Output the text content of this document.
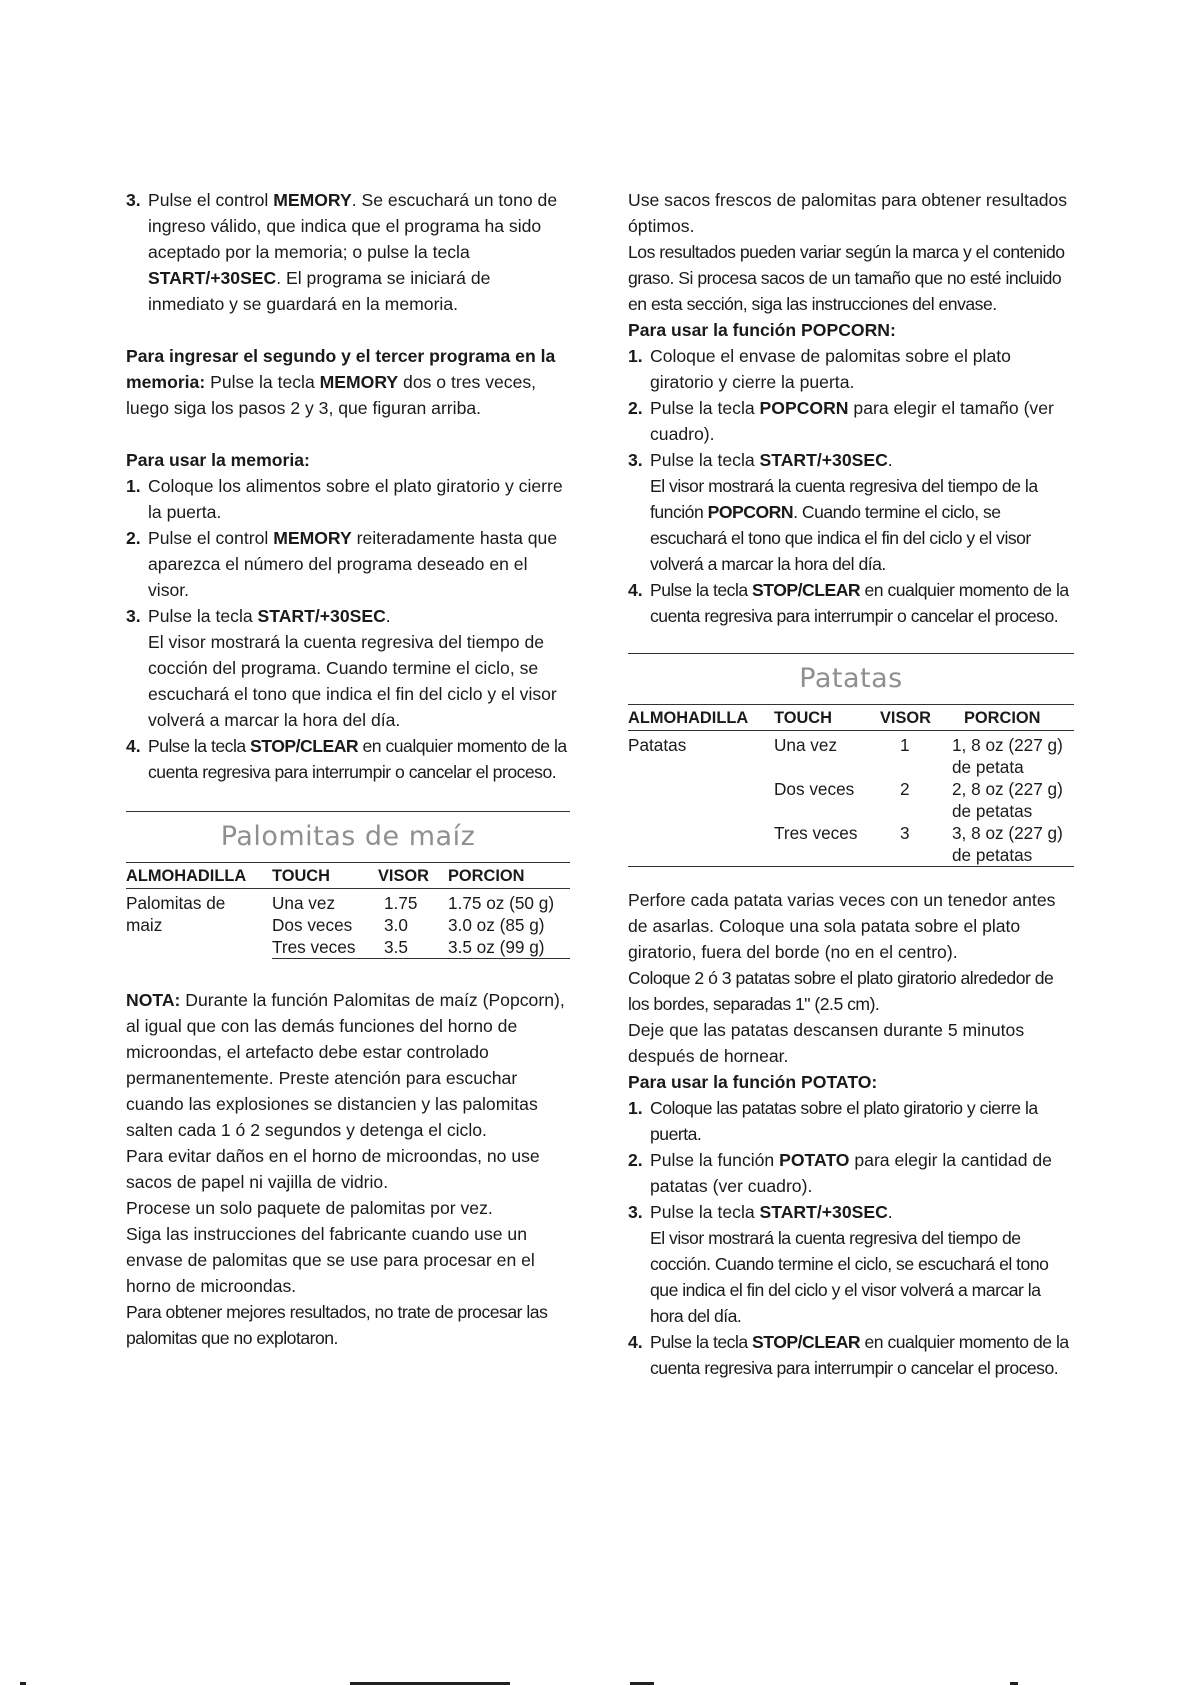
3. Pulse el control MEMORY. Se escuchará un tono de ingreso válido, que indica que el programa ha sido aceptado por la memoria; o pulse la tecla START/+30SEC. El programa se iniciará de inmediato y se guardará en la memoria.

Para ingresar el segundo y el tercer programa en la memoria: Pulse la tecla MEMORY dos o tres veces, luego siga los pasos 2 y 3, que figuran arriba.

Para usar la memoria:

1. Coloque los alimentos sobre el plato giratorio y cierre la puerta.
2. Pulse el control MEMORY reiteradamente hasta que aparezca el número del programa deseado en el visor.
3. Pulse la tecla START/+30SEC.
El visor mostrará la cuenta regresiva del tiempo de cocción del programa. Cuando termine el ciclo, se escuchará el tono que indica el fin del ciclo y el visor volverá a marcar la hora del día.
4. Pulse la tecla STOP/CLEAR en cualquier momento de la cuenta regresiva para interrumpir o cancelar el proceso.
Palomitas de maíz
ALMOHADILLA	TOUCH	VISOR	PORCION
Palomitas de	Una vez	1.75	1.75 oz (50 g)
maiz	Dos veces	3.0	3.0 oz (85 g)
	Tres veces	3.5	3.5 oz (99 g)

NOTA: Durante la función Palomitas de maíz (Popcorn), al igual que con las demás funciones del horno de microondas, el artefacto debe estar controlado permanentemente. Preste atención para escuchar cuando las explosiones se distancien y las palomitas salten cada 1 ó 2 segundos y detenga el ciclo.

Para evitar daños en el horno de microondas, no use sacos de papel ni vajilla de vidrio.

Procese un solo paquete de palomitas por vez.

Siga las instrucciones del fabricante cuando use un envase de palomitas que se use para procesar en el horno de microondas.

Para obtener mejores resultados, no trate de procesar las palomitas que no explotaron.

Use sacos frescos de palomitas para obtener resultados óptimos.

Los resultados pueden variar según la marca y el contenido graso. Si procesa sacos de un tamaño que no esté incluido en esta sección, siga las instrucciones del envase.

Para usar la función POPCORN:

1. Coloque el envase de palomitas sobre el plato giratorio y cierre la puerta.
2. Pulse la tecla POPCORN para elegir el tamaño (ver cuadro).
3. Pulse la tecla START/+30SEC.
El visor mostrará la cuenta regresiva del tiempo de la función POPCORN. Cuando termine el ciclo, se escuchará el tono que indica el fin del ciclo y el visor volverá a marcar la hora del día.
4. Pulse la tecla STOP/CLEAR en cualquier momento de la cuenta regresiva para interrumpir o cancelar el proceso.
Patatas
ALMOHADILLA	TOUCH	VISOR	PORCION
Patatas	Una vez	1	1, 8 oz (227 g)
de petata

	Dos veces	2	2, 8 oz (227 g)
de petatas

	Tres veces	3	3, 8 oz (227 g)
de petatas

Perfore cada patata varias veces con un tenedor antes de asarlas. Coloque una sola patata sobre el plato giratorio, fuera del borde (no en el centro).

Coloque 2 ó 3 patatas sobre el plato giratorio alrededor de los bordes, separadas 1" (2.5 cm).

Deje que las patatas descansen durante 5 minutos después de hornear.

Para usar la función POTATO:

1. Coloque las patatas sobre el plato giratorio y cierre la puerta.
2. Pulse la función POTATO para elegir la cantidad de patatas (ver cuadro).
3. Pulse la tecla START/+30SEC.
El visor mostrará la cuenta regresiva del tiempo de cocción. Cuando termine el ciclo, se escuchará el tono que indica el fin del ciclo y el visor volverá a marcar la hora del día.
4. Pulse la tecla STOP/CLEAR en cualquier momento de la cuenta regresiva para interrumpir o cancelar el proceso.
